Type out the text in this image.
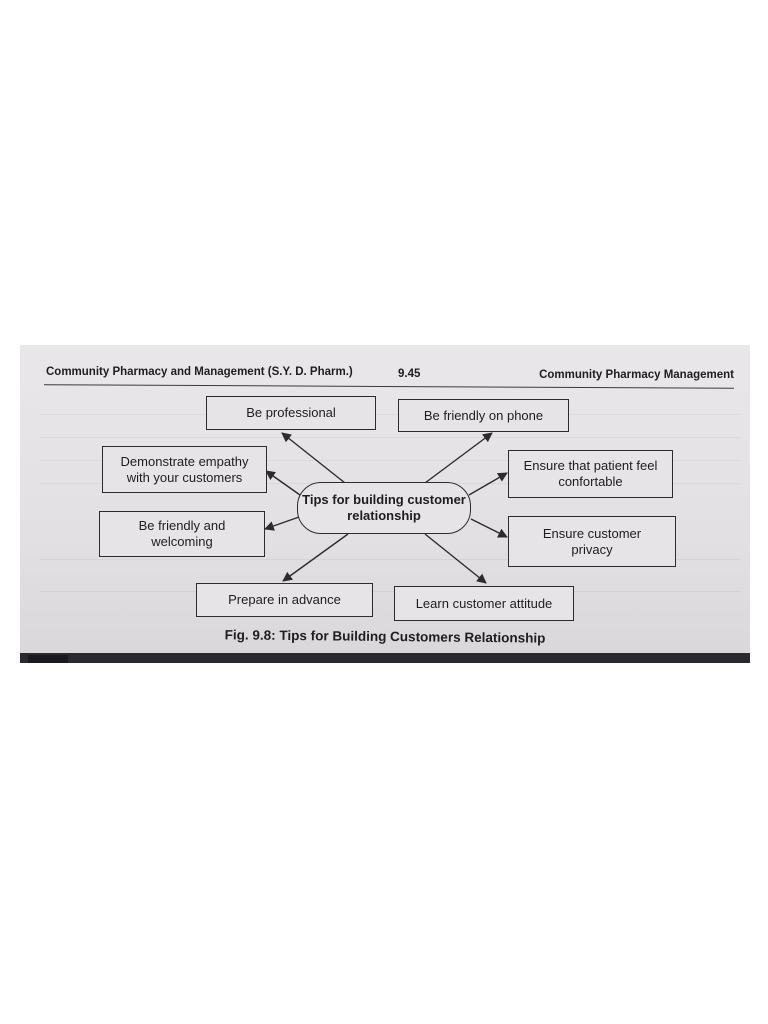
Community Pharmacy and Management (S.Y. D. Pharm.)	9.45	Community Pharmacy Management
Be professional	Be friendly on phone
Demonstrate empathy with your customers
Ensure that patient feel confortable
Be friendly and welcoming
Ensure customer privacy
Prepare in advance	Learn customer attitude
Tips for building customer relationship
Fig. 9.8: Tips for Building Customers Relationship
